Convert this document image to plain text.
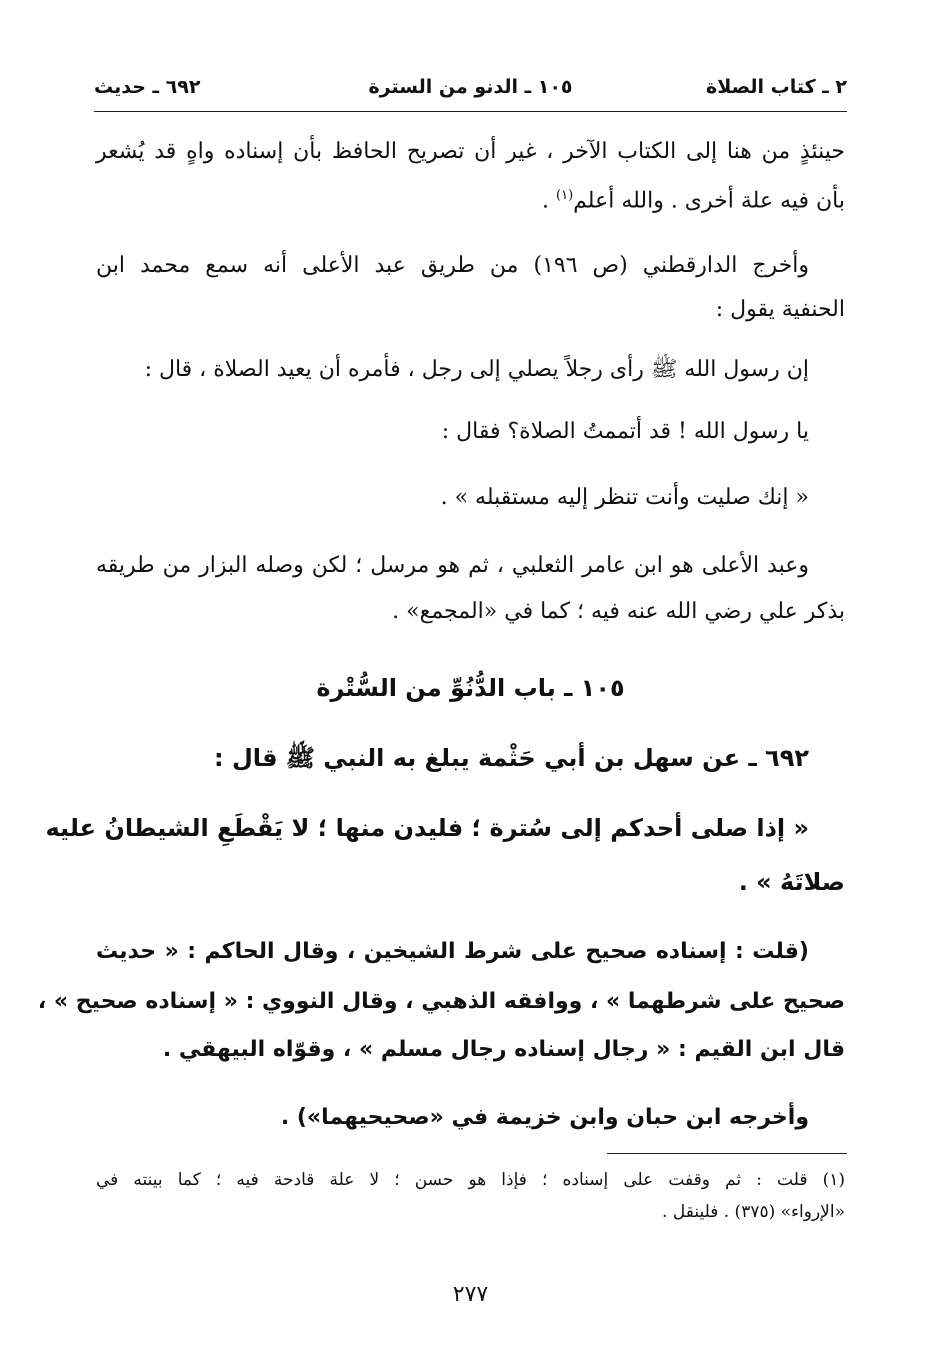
٢ ـ كتاب الصلاة
١٠٥ ـ الدنو من السترة
٦٩٢ ـ حديث
حينئذٍ من هنا إلى الكتاب الآخر ، غير أن تصريح الحافظ بأن إسناده واهٍ قد يُشعر
بأن فيه علة أخرى . والله أعلم$^{(١)}$ .
وأخرج الدارقطني (ص ١٩٦) من طريق عبد الأعلى أنه سمع محمد ابن
الحنفية يقول :
إن رسول الله ﷺ رأى رجلاً يصلي إلى رجل ، فأمره أن يعيد الصلاة ، قال :
يا رسول الله ! قد أتممتُ الصلاة؟ فقال :
« إنك صليت وأنت تنظر إليه مستقبله » .
وعبد الأعلى هو ابن عامر الثعلبي ، ثم هو مرسل ؛ لكن وصله البزار من طريقه
بذكر علي رضي الله عنه فيه ؛ كما في «المجمع» .
١٠٥ ـ باب الدُّنُوِّ من السُّتْرة
٦٩٢ ـ عن سهل بن أبي حَثْمة يبلغ به النبي ﷺ قال :
« إذا صلى أحدكم إلى سُترة ؛ فليدن منها ؛ لا يَقْطَعِ الشيطانُ عليه
صلاتَهُ » .
(قلت : إسناده صحيح على شرط الشيخين ، وقال الحاكم : « حديث
صحيح على شرطهما » ، ووافقه الذهبي ، وقال النووي : « إسناده صحيح » ،
قال ابن القيم : « رجال إسناده رجال مسلم » ، وقوّاه البيهقي .
وأخرجه ابن حبان وابن خزيمة في «صحيحيهما») .
(١) قلت : ثم وقفت على إسناده ؛ فإذا هو حسن ؛ لا علة قادحة فيه ؛ كما بينته في
«الإرواء» (٣٧٥) . فلينقل .
٢٧٧
